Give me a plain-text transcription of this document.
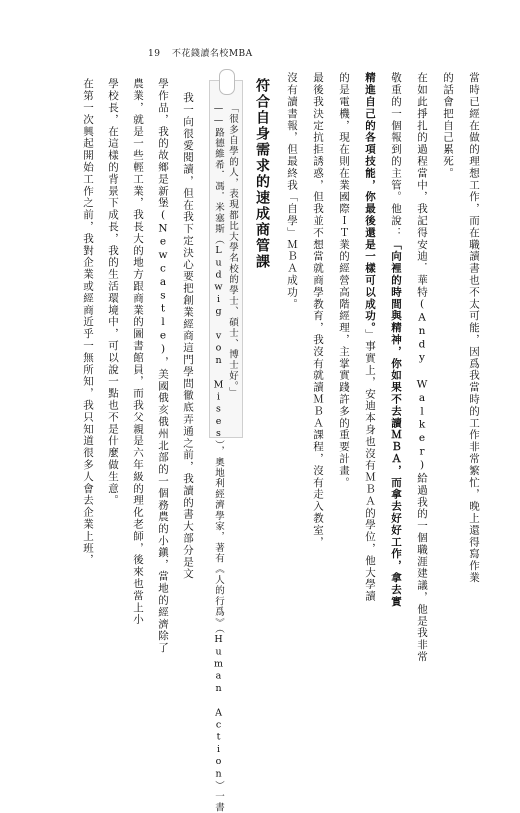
19 不花錢讀名校MBA
當時已經在做的理想工作，而在職讀書也不太可能，因爲我當時的工作非常繁忙，晚上還得寫作業
的話會把自己累死。
在如此掙扎的過程當中，我記得安迪．華特(Andy Walker)給過我的一個職涯建議，他是我非常
敬重的一個報到的主管。他說：「向裡的時間與精神，你如果不去讀ＭＢＡ，而拿去好好工作，拿去實
精進自己的各項技能，你最後還是一樣可以成功。」事實上，安迪本身也沒有ＭＢＡ的學位，他大學讀
的是電機，現在則在業國際ＩＴ業的經營高階經理，主掌實踐許多的重要計畫。
最後我決定抗拒誘惑，但我並不想當就商學教育，我沒有就讀ＭＢＡ課程，沒有走入教室，
沒有讀書報，但最終我「自學」ＭＢＡ成功。
符合自身需求的速成商管課
「很多自學的人，表現都比大學名校的學士、碩士、博士好。」
——路德維希．馮．米塞斯（Ludwig von Mises），奧地利經濟學家，著有《人的行爲》（Human Action）一書
我一向很愛閱讀，但在我下定決心要把創業經商這門學問徹底弄通之前，我讀的書大部分是文
學作品，我的故鄉是新堡(Newcastle)，美國俄亥俄州北部的一個務農的小鎭，當地的經濟除了
農業，就是一些輕工業，我長大的地方跟商業的圖書館員，而我父親是六年級的理化老師，後來也當上小
學校長，在這樣的背景下成長，我的生活環境中，可以說一點也不是什麼做生意。
在第一次興起開始工作之前，我對企業或經商近乎一無所知，我只知道很多人會去企業上班，
